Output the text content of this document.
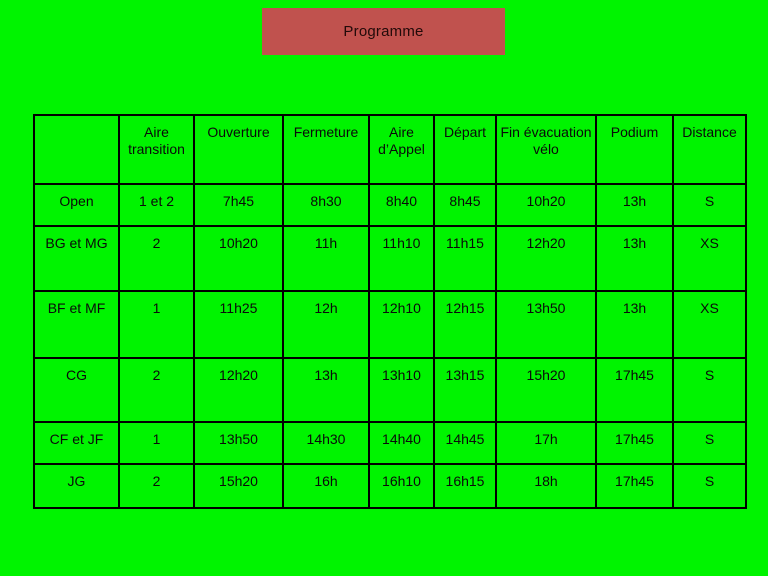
Programme
	Aire transition	Ouverture	Fermeture	Aire d’Appel	Départ	Fin évacuation vélo	Podium	Distance
Open	1 et 2	7h45	8h30	8h40	8h45	10h20	13h	S
BG et MG	2	10h20	11h	11h10	11h15	12h20	13h	XS
BF et MF	1	11h25	12h	12h10	12h15	13h50	13h	XS
CG	2	12h20	13h	13h10	13h15	15h20	17h45	S
CF et JF	1	13h50	14h30	14h40	14h45	17h	17h45	S
JG	2	15h20	16h	16h10	16h15	18h	17h45	S
